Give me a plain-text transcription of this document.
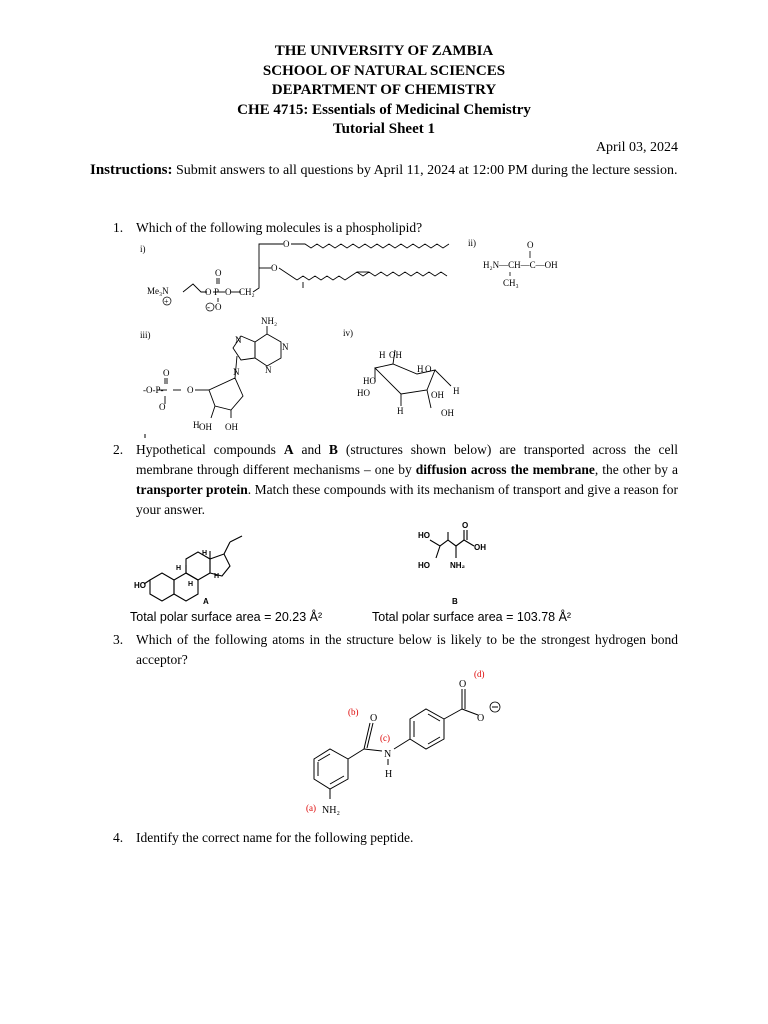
THE UNIVERSITY OF ZAMBIA
SCHOOL OF NATURAL SCIENCES
DEPARTMENT OF CHEMISTRY
CHE 4715: Essentials of Medicinal Chemistry
Tutorial Sheet 1
April 03, 2024
Instructions: Submit answers to all questions by April 11, 2024 at 12:00 PM during the lecture session.
1. Which of the following molecules is a phospholipid?
i)
ii)
iii)	iv)
Me₃N
+
O P O
O
- O
CH₂
O
O
O
H₂N—CH—C—OH
CH₃
NH₂
N
N
N
N
O
O
-O-P-
O
H OH OH
H OH
HO
HO
H O
OH H
H	OH
2. Hypothetical compounds A and B (structures shown below) are transported across the cell membrane through different mechanisms – one by diffusion across the membrane, the other by a transporter protein. Match these compounds with its mechanism of transport and give a reason for your answer.
HO
H
H
H
H
A
HO
HO
O
OH
NH₂
B
Total polar surface area = 20.23 Å²	Total polar surface area = 103.78 Å²
3. Which of the following atoms in the structure below is likely to be the strongest hydrogen bond acceptor?
O
N
H
O
O
NH₂
(a)
(b)
(c)
(d)
4. Identify the correct name for the following peptide.
